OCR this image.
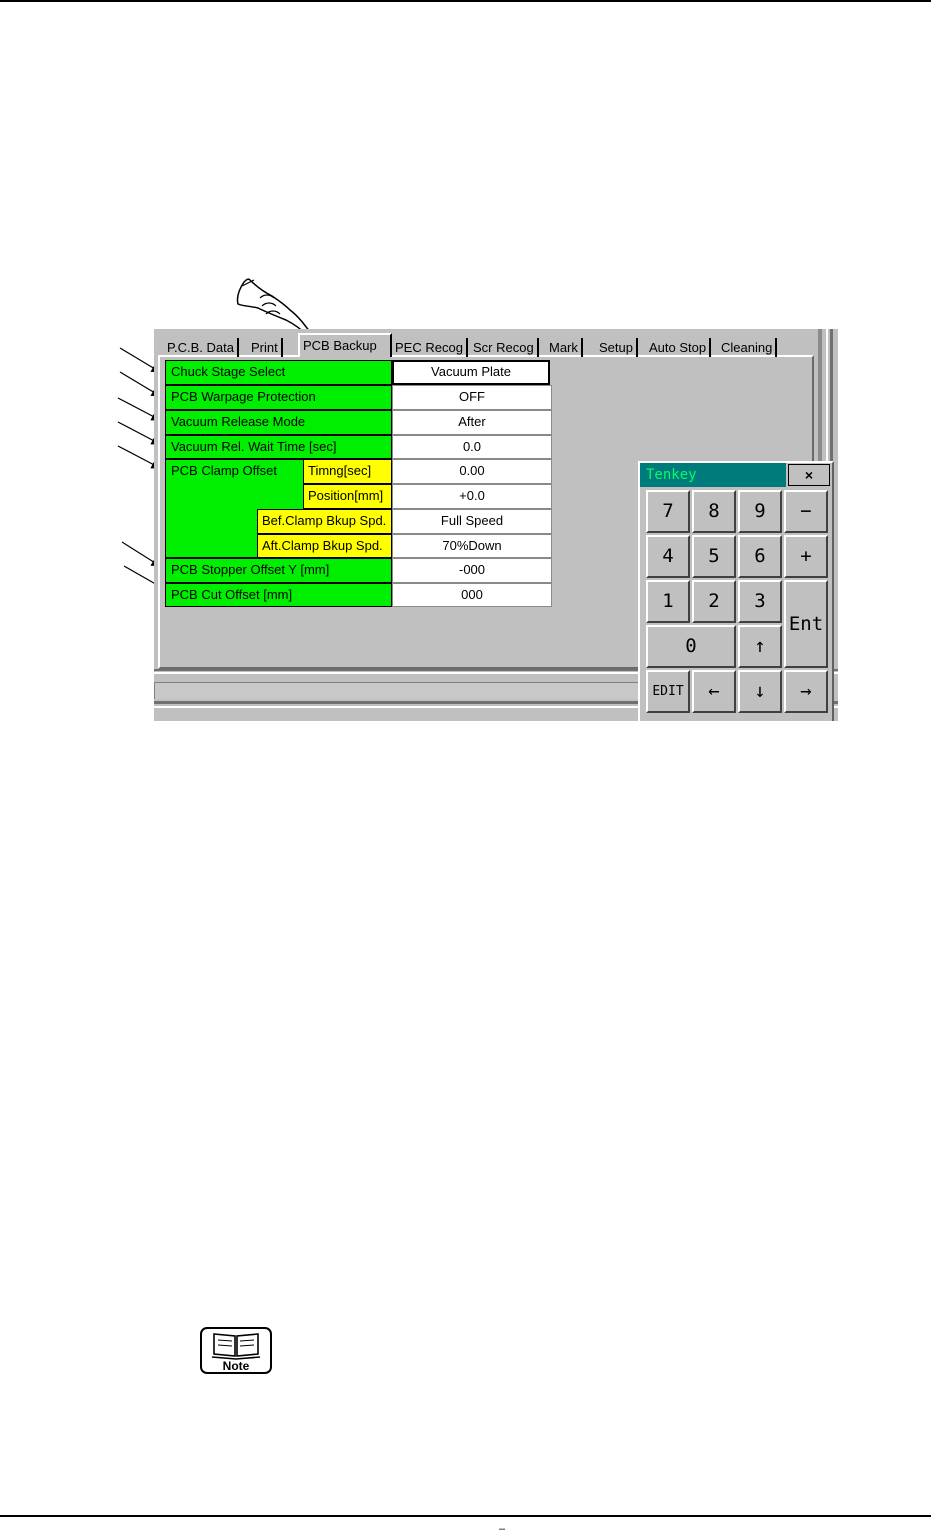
P.C.B. Data	Print	PCB Backup	PEC Recog Scr Recog	Mark	Setup	Auto Stop	Cleaning
Chuck Stage Select	Vacuum Plate
PCB Warpage Protection	OFF
Vacuum Release Mode	After
Vacuum Rel. Wait Time [sec]	0.0
PCB Clamp Offset	Timng[sec]	0.00
Position[mm]	+0.0
Bef.Clamp Bkup Spd.	Full Speed
Aft.Clamp Bkup Spd.	70%Down
PCB Stopper Offset Y [mm]	-000
PCB Cut Offset [mm]	000
Tenkey	×
7	8	9	−
4	5	6	+
1	2	3
Ent
0	↑
EDIT	←	↓	→
Note
–
